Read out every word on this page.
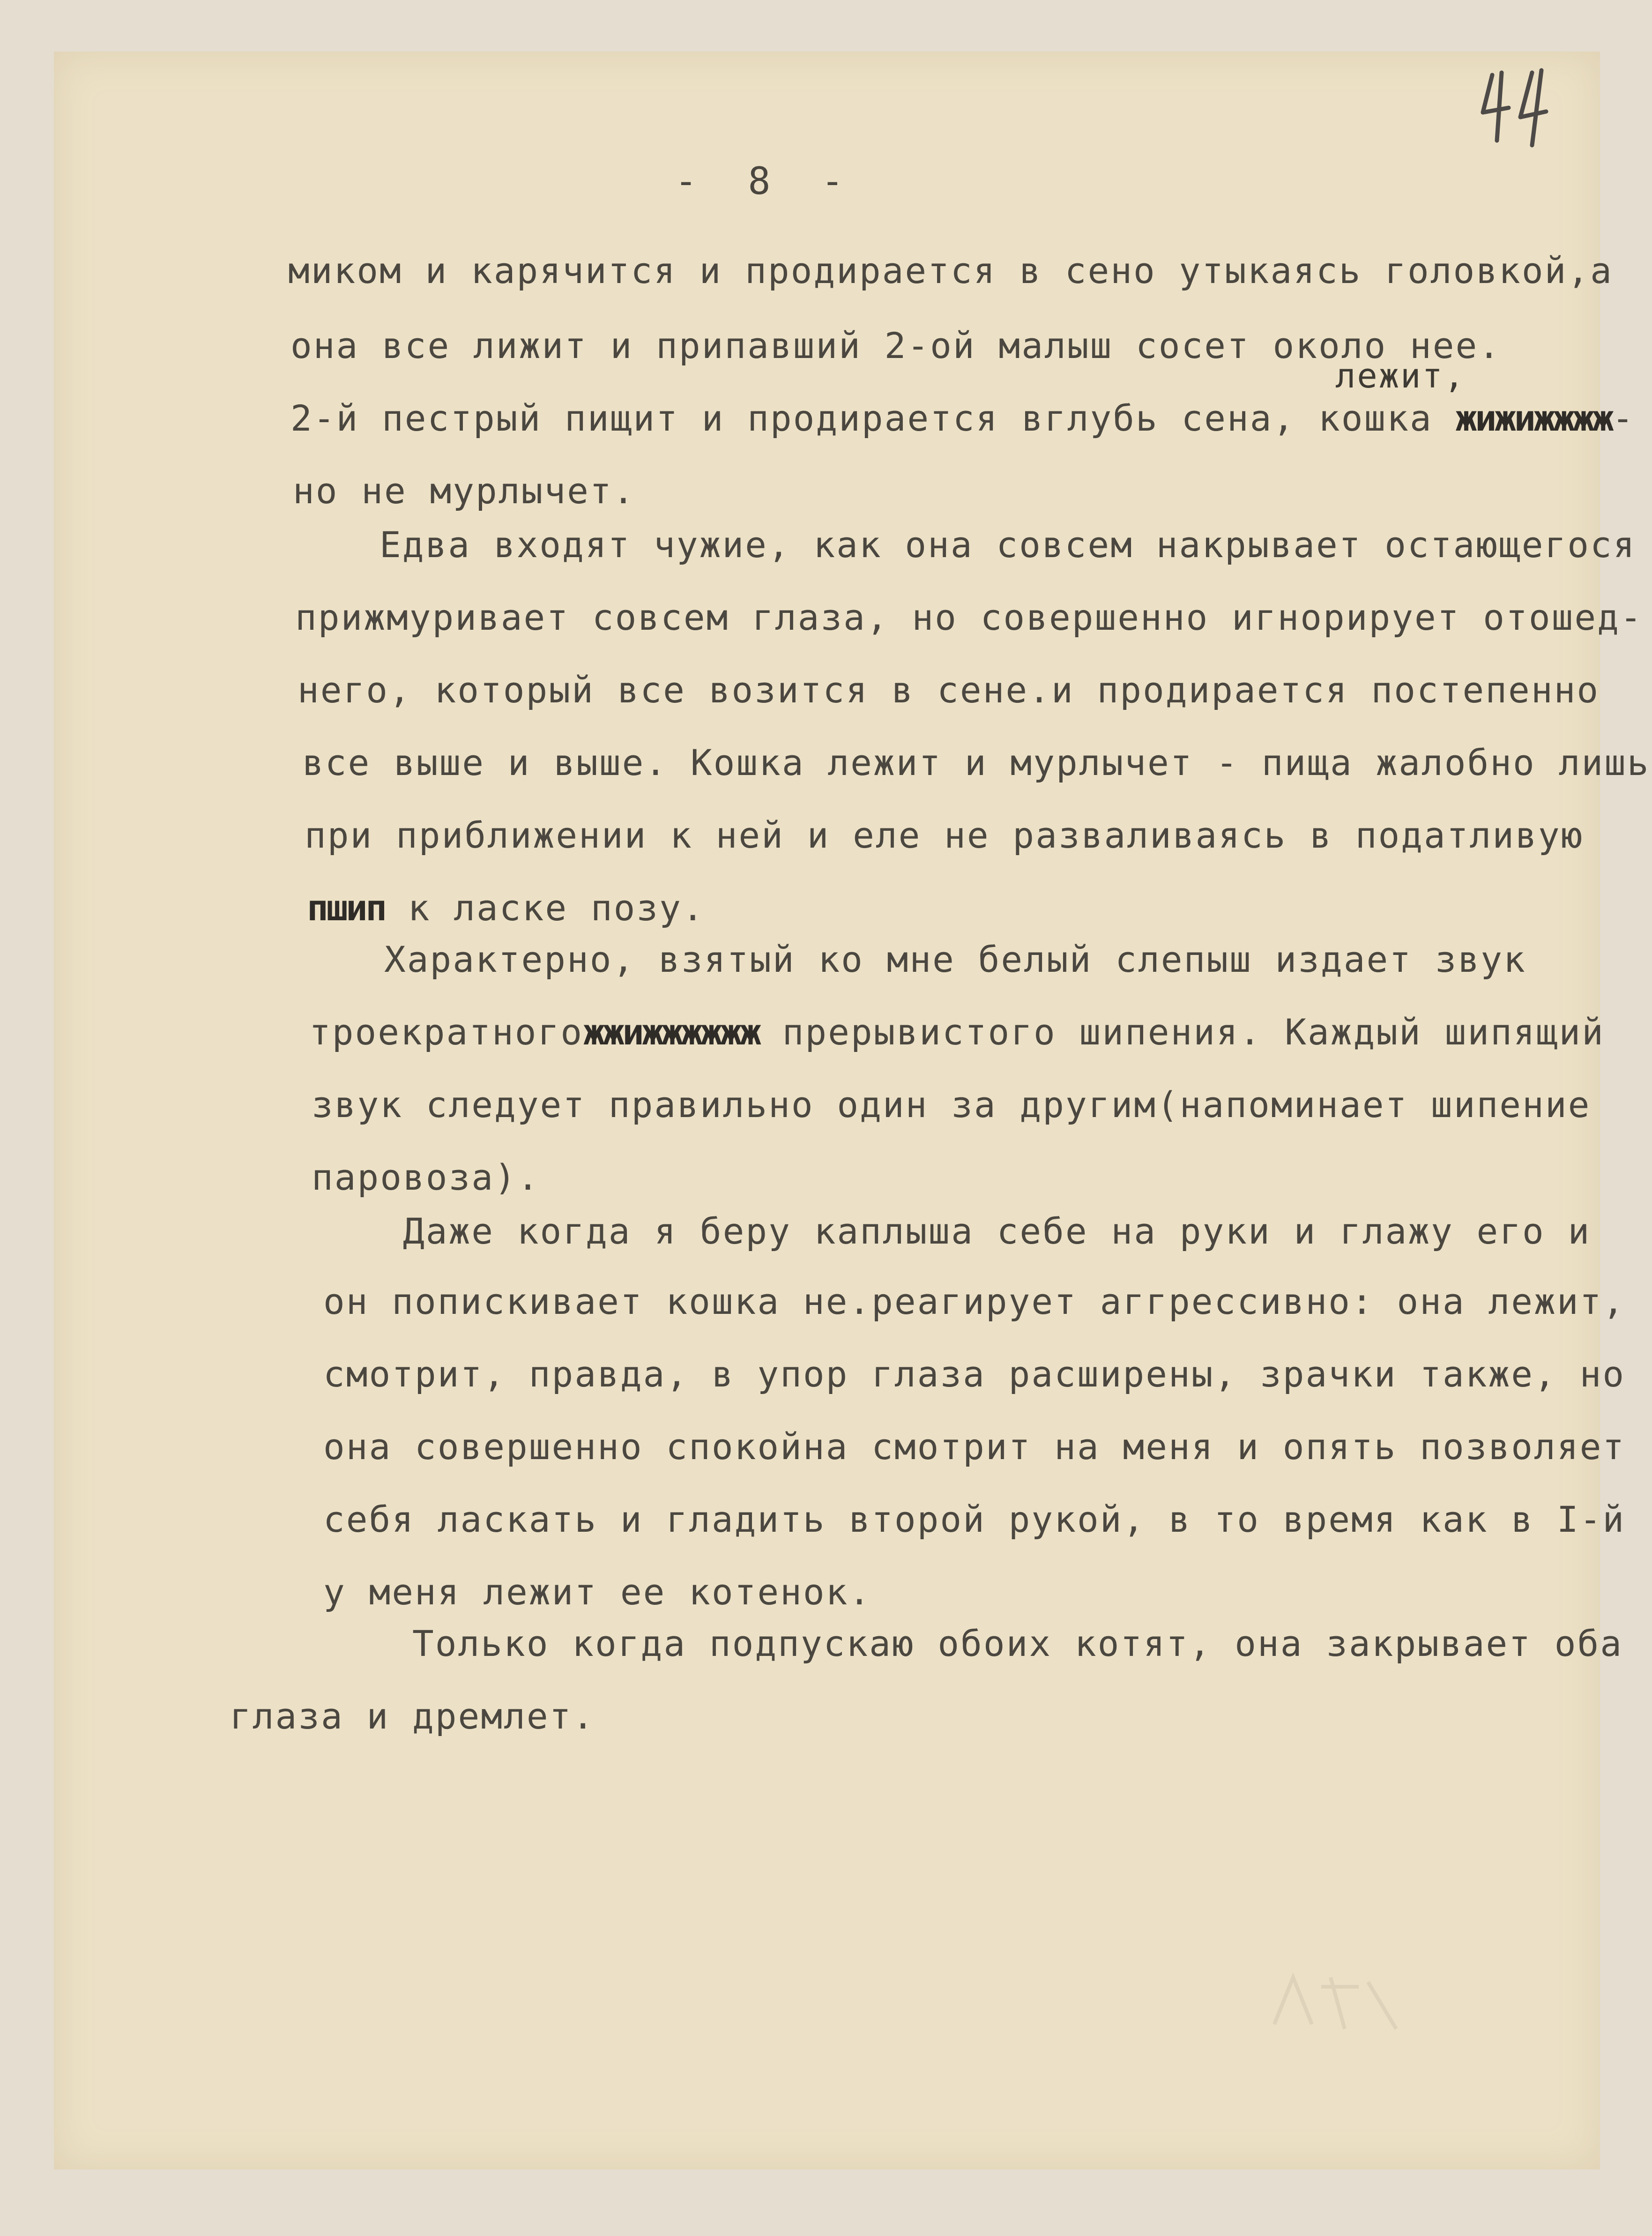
- 8 -
лежит,
миком и карячится и продирается в сено утыкаясь головкой,а
она все лижит и припавший 2-ой малыш сосет около нее.
2-й пестрый пищит и продирается вглубь сена, кошка жижижжжж-
но не мурлычет.
Едва входят чужие, как она совсем накрывает остающегося
прижмуривает совсем глаза, но совершенно игнорирует отошед-
него, который все возится в сене.и продирается постепенно
все выше и выше. Кошка лежит и мурлычет - пища жалобно лишь
при приближении к ней и еле не разваливаясь в податливую
пшип к ласке позу.
Характерно, взятый ко мне белый слепыш издает звук
троекратногожжижжжжжж прерывистого шипения. Каждый шипящий
звук следует правильно один за другим(напоминает шипение
паровоза).
Даже когда я беру каплыша себе на руки и глажу его и
он попискивает кошка не.реагирует аггрессивно: она лежит,
смотрит, правда, в упор глаза расширены, зрачки также, но
она совершенно спокойна смотрит на меня и опять позволяет
себя ласкать и гладить второй рукой, в то время как в I-й
у меня лежит ее котенок.
Только когда подпускаю обоих котят, она закрывает оба
глаза и дремлет.
